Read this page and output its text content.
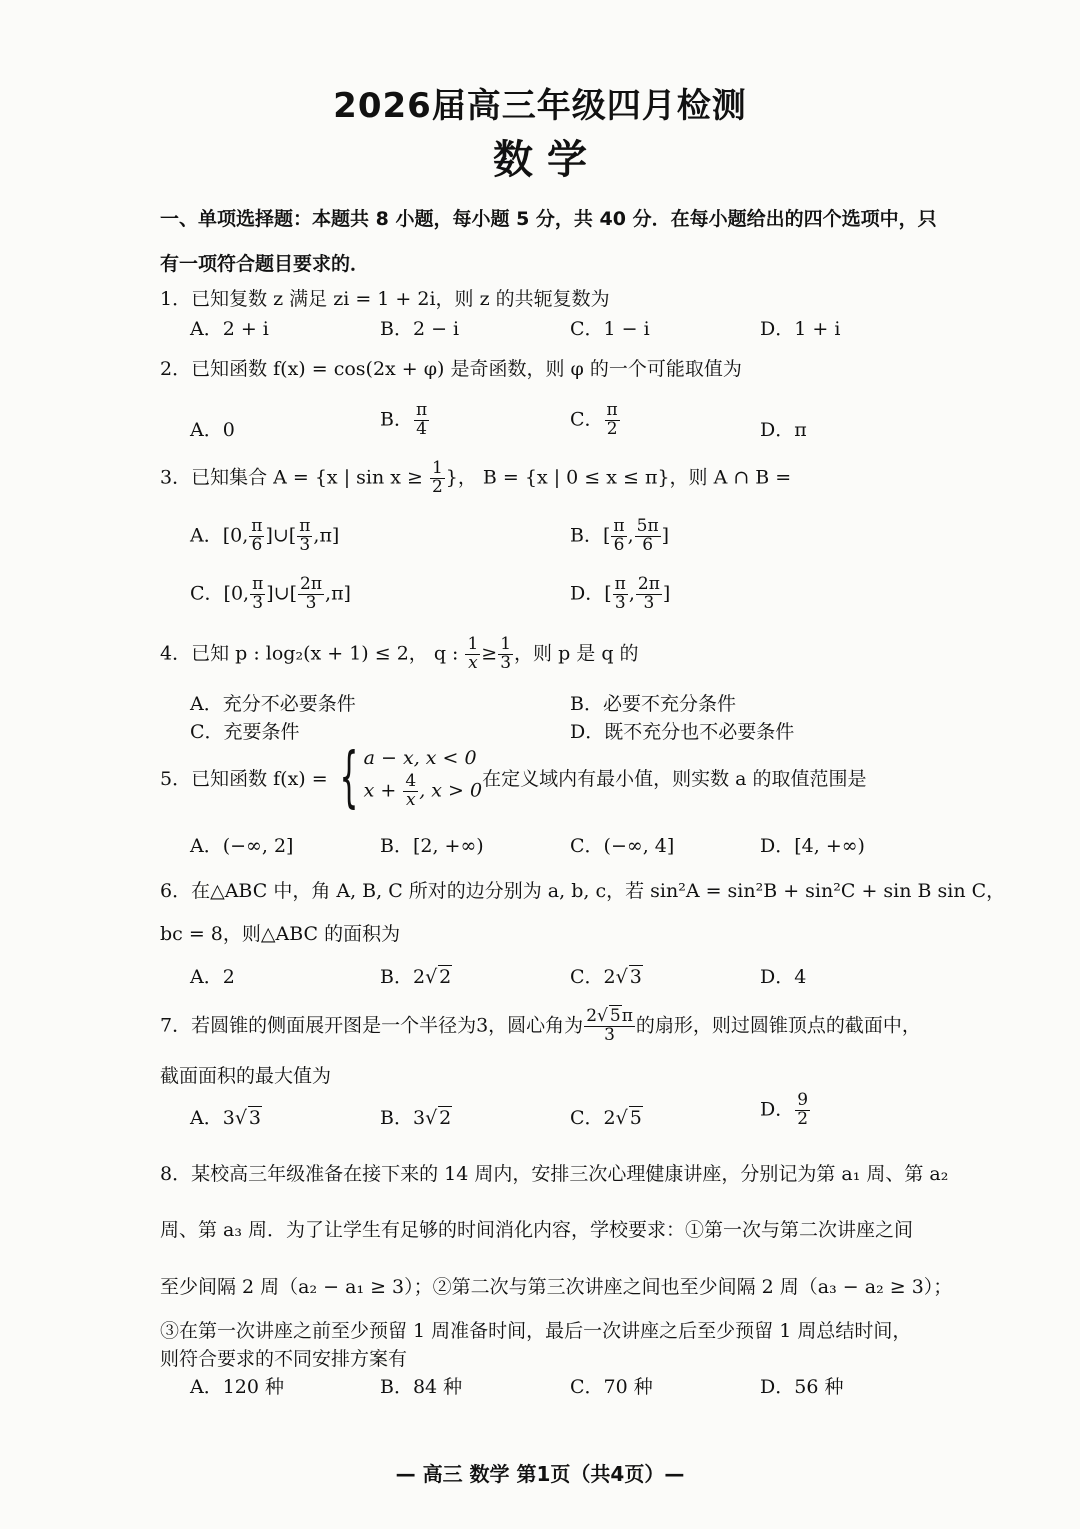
2026届高三年级四月检测
数 学
一、单项选择题：本题共 8 小题，每小题 5 分，共 40 分．在每小题给出的四个选项中，只
有一项符合题目要求的．
1．已知复数 z 满足 zi = 1 + 2i，则 z 的共轭复数为
A．2 + i	B．2 − i	C．1 − i	D．1 + i
2．已知函数 f(x) = cos(2x + φ) 是奇函数，则 φ 的一个可能取值为
A．0	B． $\frac{\pi}{4}$	C． $\frac{\pi}{2}$	D．π
3．已知集合 A = {x | $\sin x \ge \frac{1}{2}$ }， B = {x | 0 ≤ x ≤ π}，则 A ∩ B =
A．[0, $\frac{\pi}{6}$ ]∪[ $\frac{\pi}{3} ,\pi$]	B．[ $\frac{\pi}{6}$ , $\frac{5\pi}{6}$ ]
C．[0, $\frac{\pi}{3}$ ]∪[ $\frac{2\pi}{3} ,\pi$]	D．[ $\frac{\pi}{3}$ , $\frac{2\pi}{3}$ ]
4．已知 p : log₂(x + 1) ≤ 2， q : $\frac{1}{x} \ge \frac{1}{3}$ ，则 p 是 q 的
A．充分不必要条件	B．必要不充分条件
C．充要条件	D．既不充分也不必要条件
5．已知函数 f(x) = { a − x, x < 0
$x + \frac{4}{x}$ , x > 0
在定义域内有最小值，则实数 a 的取值范围是
A．(−∞, 2]	B．[2, +∞)	C．(−∞, 4]	D．[4, +∞)
6．在△ABC 中，角 A, B, C 所对的边分别为 a, b, c，若 sin²A = sin²B + sin²C + sin B sin C，
bc = 8，则△ABC 的面积为
A．2	B．2√ 2	C．2√ 3	D．4
7．若圆锥的侧面展开图是一个半径为3，圆心角为 $\frac{2√ 5\pi}{3}$ 的扇形，则过圆锥顶点的截面中，
截面面积的最大值为
A．3√ 3	B．3√ 2	C．2√ 5	D． $\frac{9}{2}$
8．某校高三年级准备在接下来的 14 周内，安排三次心理健康讲座，分别记为第 a₁ 周、第 a₂
周、第 a₃ 周．为了让学生有足够的时间消化内容，学校要求：①第一次与第二次讲座之间
至少间隔 2 周（a₂ − a₁ ≥ 3）；②第二次与第三次讲座之间也至少间隔 2 周（a₃ − a₂ ≥ 3）；
③在第一次讲座之前至少预留 1 周准备时间，最后一次讲座之后至少预留 1 周总结时间，
则符合要求的不同安排方案有
A．120 种	B．84 种	C．70 种	D．56 种
— 高三 数学 第1页（共4页）—
